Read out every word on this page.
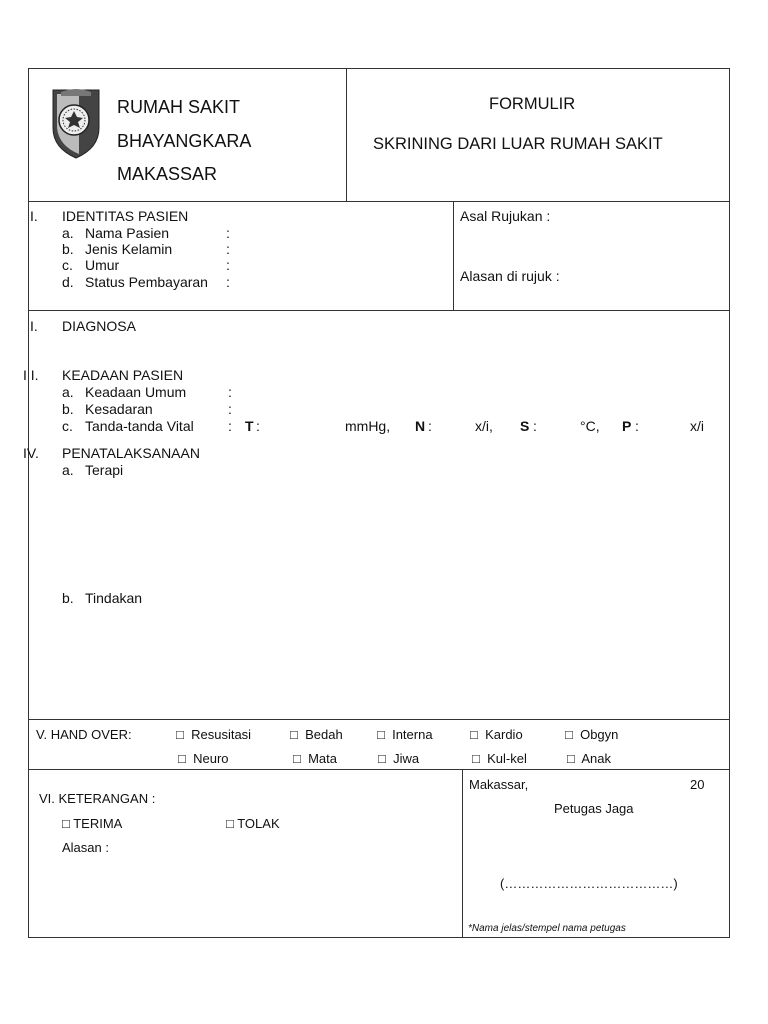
RUMAH SAKIT
BHAYANGKARA
MAKASSAR
FORMULIR
SKRINING DARI LUAR RUMAH SAKIT
I. IDENTITAS PASIEN
a. Nama Pasien	:
b. Jenis Kelamin	:
c. Umur	:
d. Status Pembayaran :
Asal Rujukan :
Alasan di rujuk :
I. DIAGNOSA
I I. KEADAAN PASIEN
a. Keadaan Umum	:
b. Kesadaran	:
c. Tanda-tanda Vital : T :	mmHg, N :	x/i, S :	°C, P :	x/i
IV. PENATALAKSANAAN
a. Terapi
b. Tindakan
V. HAND OVER:	□ Resusitasi	□ Bedah	□ Interna	□ Kardio	□ Obgyn
□ Neuro	□ Mata	□ Jiwa	□ Kul-kel	□ Anak
VI. KETERANGAN :
□ TERIMA	□ TOLAK
Alasan :
Makassar,	20
Petugas Jaga
(…………………………………)
*Nama jelas/stempel nama petugas
